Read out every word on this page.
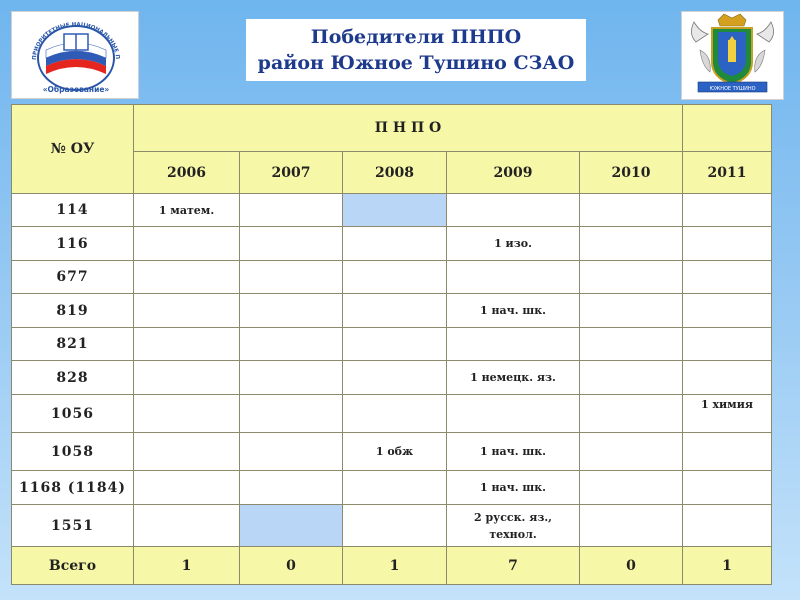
ПРИОРИТЕТНЫЕ НАЦИОНАЛЬНЫЕ П
«Образование»
Победители ПНПО
район Южное Тушино СЗАО
ЮЖНОЕ ТУШИНО
№ ОУ	П Н П О					
	2006	2007	2008	2009	2010	2011
114	1 матем.					
116				1 изо.		
677						
819				1 нач. шк.		
821						
828				1 немецк. яз.		
1056						1 химия
1058			1 обж	1 нач. шк.		
1168 (1184)				1 нач. шк.		
1551				2 русск. яз.,
технол.		

Всего	1	0	1	7	0	1
